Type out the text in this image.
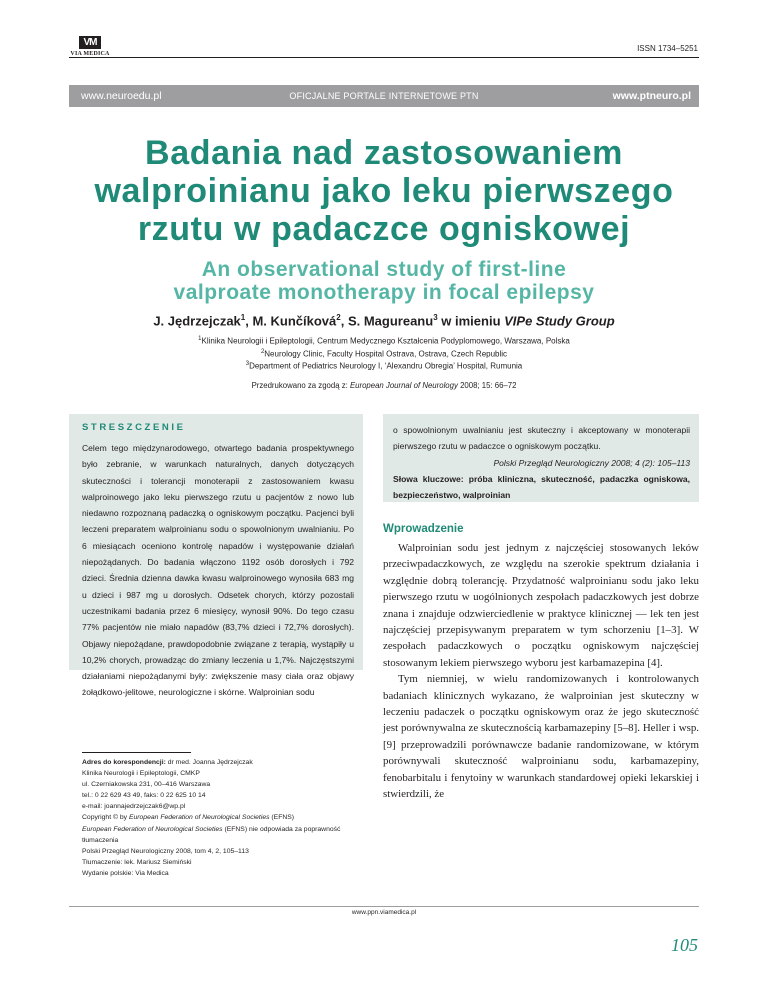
VM
VIA MEDICA
ISSN 1734–5251
OFICJALNE PORTALE INTERNETOWE PTN
www.neuroedu.pl	www.ptneuro.pl
Badania nad zastosowaniem
walproinianu jako leku pierwszego
rzutu w padaczce ogniskowej
An observational study of first-line
valproate monotherapy in focal epilepsy
J. Jędrzejczak$^1$, M. Kunčíková$^2$, S. Magureanu$^3$ w imieniu VIPe Study Group
$^1$Klinika Neurologii i Epileptologii, Centrum Medycznego Kształcenia Podyplomowego, Warszawa, Polska
$^2$Neurology Clinic, Faculty Hospital Ostrava, Ostrava, Czech Republic
$^3$Department of Pediatrics Neurology I, ‘Alexandru Obregia’ Hospital, Rumunia
Przedrukowano za zgodą z: European Journal of Neurology 2008; 15: 66–72
STRESZCZENIE

Celem tego międzynarodowego, otwartego badania prospektywnego było zebranie, w warunkach naturalnych, danych dotyczących skuteczności i tolerancji monoterapii z zastosowaniem kwasu walproinowego jako leku pierwszego rzutu u pacjentów z nowo lub niedawno rozpoznaną padaczką o ogniskowym początku. Pacjenci byli leczeni preparatem walproinianu sodu o spowolnionym uwalnianiu. Po 6 miesiącach oceniono kontrolę napadów i występowanie działań niepożądanych. Do badania włączono 1192 osób dorosłych i 792 dzieci. Średnia dzienna dawka kwasu walproinowego wynosiła 683 mg u dzieci i 987 mg u dorosłych. Odsetek chorych, którzy pozostali uczestnikami badania przez 6 miesięcy, wynosił 90%. Do tego czasu 77% pacjentów nie miało napadów (83,7% dzieci i 72,7% dorosłych). Objawy niepożądane, prawdopodobnie związane z terapią, wystąpiły u 10,2% chorych, prowadząc do zmiany leczenia u 1,7%. Najczęstszymi działaniami niepożądanymi były: zwiększenie masy ciała oraz objawy żołądkowo-jelitowe, neurologiczne i skórne. Walproinian sodu

o spowolnionym uwalnianiu jest skuteczny i akceptowany w monoterapii pierwszego rzutu w padaczce o ogniskowym początku.
Polski Przegląd Neurologiczny 2008; 4 (2): 105–113
Słowa kluczowe: próba kliniczna, skuteczność, padaczka ogniskowa, bezpieczeństwo, walproinian
Adres do korespondencji: dr med. Joanna Jędrzejczak
Klinika Neurologii i Epileptologii, CMKP
ul. Czerniakowska 231, 00–416 Warszawa
tel.: 0 22 629 43 49, faks: 0 22 625 10 14
e-mail: joannajedrzejczak6@wp.pl
Copyright © by European Federation of Neurological Societies (EFNS)
European Federation of Neurological Societies (EFNS) nie odpowiada za poprawność tłumaczenia
Polski Przegląd Neurologiczny 2008, tom 4, 2, 105–113
Tłumaczenie: lek. Mariusz Siemiński
Wydanie polskie: Via Medica
Wprowadzenie

Walproinian sodu jest jednym z najczęściej stosowanych leków przeciwpadaczkowych, ze względu na szerokie spektrum działania i względnie dobrą tolerancję. Przydatność walproinianu sodu jako leku pierwszego rzutu w uogólnionych zespołach padaczkowych jest dobrze znana i znajduje odzwierciedlenie w praktyce klinicznej — lek ten jest najczęściej przepisywanym preparatem w tym schorzeniu [1–3]. W zespołach padaczkowych o początku ogniskowym najczęściej stosowanym lekiem pierwszego wyboru jest karbamazepina [4].

Tym niemniej, w wielu randomizowanych i kontrolowanych badaniach klinicznych wykazano, że walproinian jest skuteczny w leczeniu padaczek o początku ogniskowym oraz że jego skuteczność jest porównywalna ze skutecznością karbamazepiny [5–8]. Heller i wsp. [9] przeprowadzili porównawcze badanie randomizowane, w którym porównywali skuteczność walproinianu sodu, karbamazepiny, fenobarbitalu i fenytoiny w warunkach standardowej opieki lekarskiej i stwierdzili, że

www.ppn.viamedica.pl
105
